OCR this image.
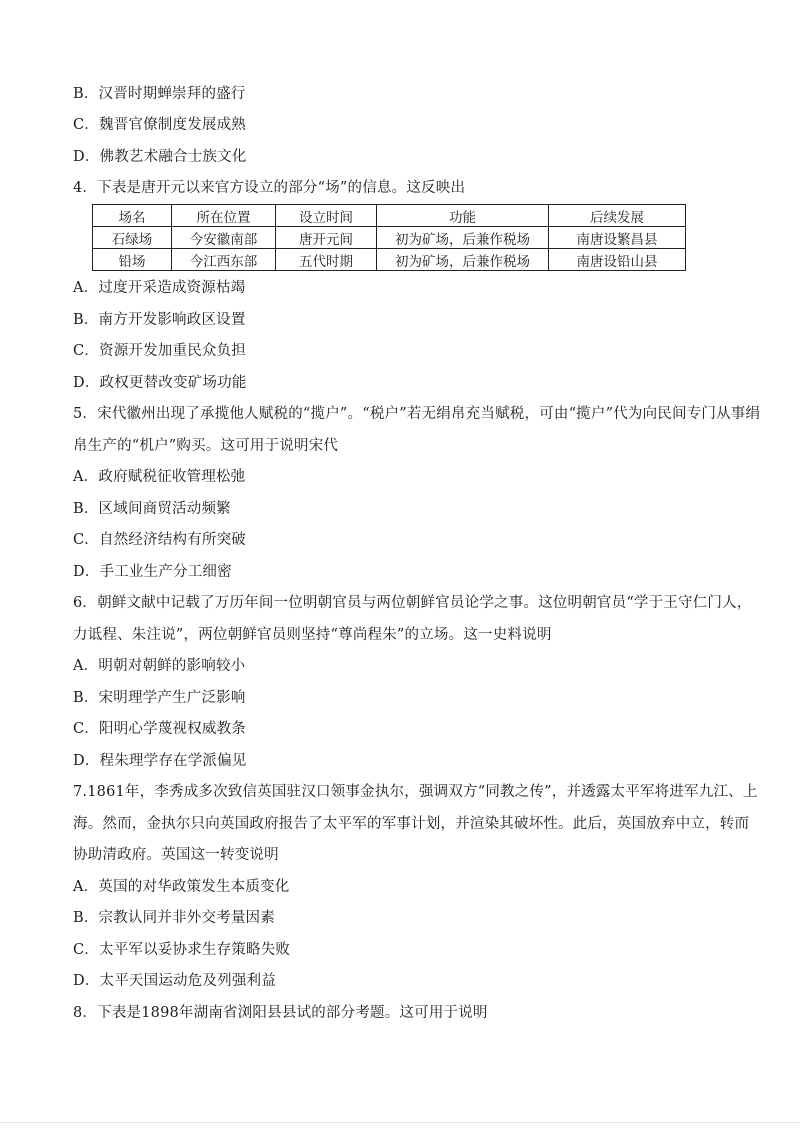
B．汉晋时期蝉崇拜的盛行
C．魏晋官僚制度发展成熟
D．佛教艺术融合士族文化
4．下表是唐开元以来官方设立的部分“场”的信息。这反映出
场名	所在位置	设立时间	功能	后续发展
石绿场	今安徽南部	唐开元间	初为矿场，后兼作税场	南唐设繁昌县
铅场	今江西东部	五代时期	初为矿场，后兼作税场	南唐设铅山县
A．过度开采造成资源枯竭
B．南方开发影响政区设置
C．资源开发加重民众负担
D．政权更替改变矿场功能
5．宋代徽州出现了承揽他人赋税的“揽户”。“税户”若无绢帛充当赋税，可由“揽户”代为向民间专门从事绢
帛生产的“机户”购买。这可用于说明宋代
A．政府赋税征收管理松弛
B．区域间商贸活动频繁
C．自然经济结构有所突破
D．手工业生产分工细密
6．朝鲜文献中记载了万历年间一位明朝官员与两位朝鲜官员论学之事。这位明朝官员“学于王守仁门人，
力诋程、朱注说”，两位朝鲜官员则坚持“尊尚程朱”的立场。这一史料说明
A．明朝对朝鲜的影响较小
B．宋明理学产生广泛影响
C．阳明心学蔑视权威教条
D．程朱理学存在学派偏见
7.1861年，李秀成多次致信英国驻汉口领事金执尔，强调双方“同教之传”，并透露太平军将进军九江、上
海。然而，金执尔只向英国政府报告了太平军的军事计划，并渲染其破坏性。此后，英国放弃中立，转而
协助清政府。英国这一转变说明
A．英国的对华政策发生本质变化
B．宗教认同并非外交考量因素
C．太平军以妥协求生存策略失败
D．太平天国运动危及列强利益
8．下表是1898年湖南省浏阳县县试的部分考题。这可用于说明
